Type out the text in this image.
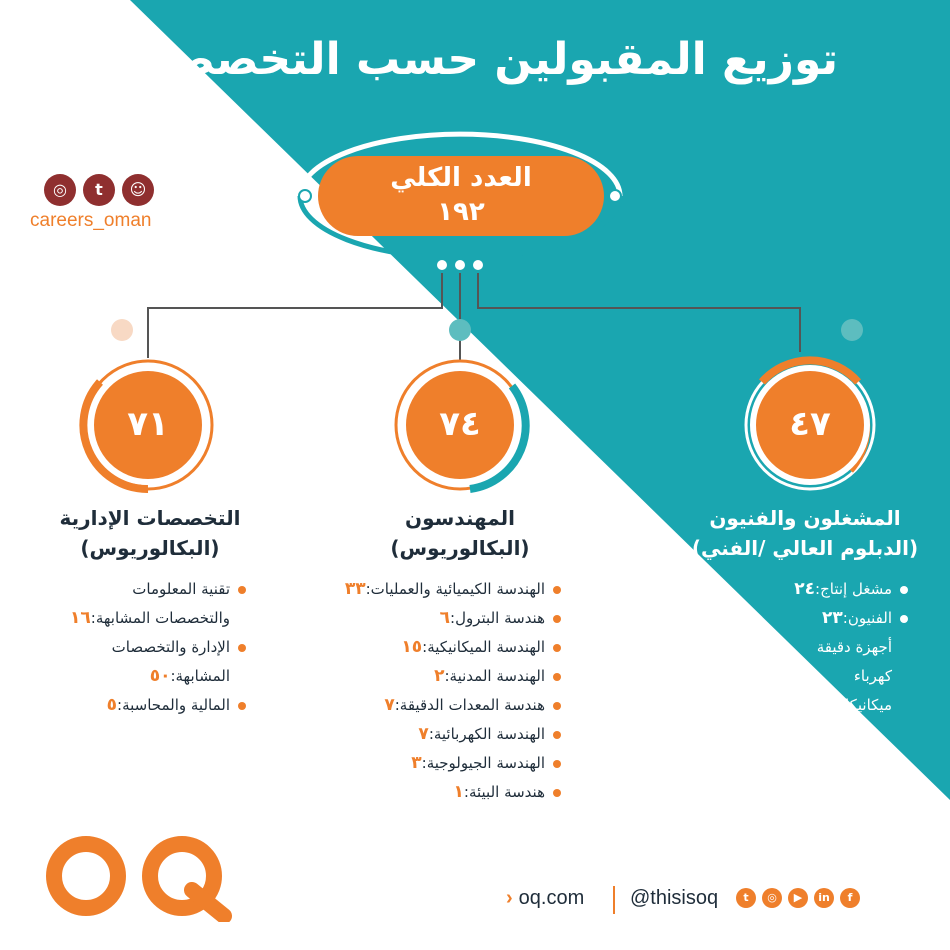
توزيع المقبولين حسب التخصصات
العدد الكلي
١٩٢
◎	t	☺
careers_oman
٧١	٧٤	٤٧
التخصصات الإدارية
(البكالوريوس)
المهندسون
(البكالوريوس)
المشغلون والفنيون
(الدبلوم العالي /الفني)
تقنية المعلومات
والتخصصات المشابهة:١٦
الإدارة والتخصصات
المشابهة:٥٠
المالية والمحاسبة:٥
الهندسة الكيميائية والعمليات:٣٣
هندسة البترول:٦
الهندسة الميكانيكية:١٥
الهندسة المدنية:٢
هندسة المعدات الدقيقة:٧
الهندسة الكهربائية:٧
الهندسة الجيولوجية:٣
هندسة البيئة:١
مشغل إنتاج:٢٤
الفنيون:٢٣
أجهزة دقيقة
كهرباء
ميكانيكا
› oq.com @thisisoq	t	◎	▶	in	f
